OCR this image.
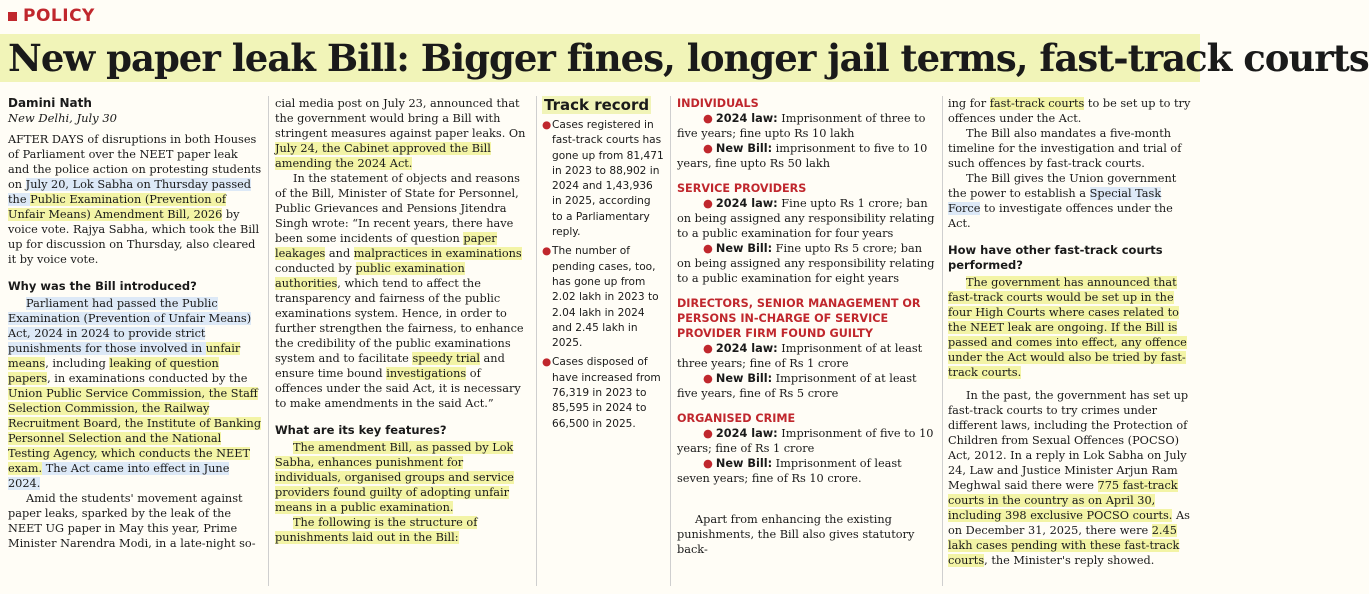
POLICY
New paper leak Bill: Bigger fines, longer jail terms, fast-track courts
Damini Nath
New Delhi, July 30

AFTER DAYS of disruptions in both Houses of Parliament over the NEET paper leak and the police action on protesting students on July 20, Lok Sabha on Thursday passed the Public Examination (Prevention of Unfair Means) Amendment Bill, 2026 by voice vote. Rajya Sabha, which took the Bill up for discussion on Thursday, also cleared it by voice vote.

Why was the Bill introduced?

Parliament had passed the Public Examination (Prevention of Unfair Means) Act, 2024 in 2024 to provide strict punishments for those involved in unfair means, including leaking of question papers, in examinations conducted by the Union Public Service Commission, the Staff Selection Commission, the Railway Recruitment Board, the Institute of Banking Personnel Selection and the National Testing Agency, which conducts the NEET exam. The Act came into effect in June 2024.

Amid the students' movement against paper leaks, sparked by the leak of the NEET UG paper in May this year, Prime Minister Narendra Modi, in a late-night so-

cial media post on July 23, announced that the government would bring a Bill with stringent measures against paper leaks. On July 24, the Cabinet approved the Bill amending the 2024 Act.

In the statement of objects and reasons of the Bill, Minister of State for Personnel, Public Grievances and Pensions Jitendra Singh wrote: “In recent years, there have been some incidents of question paper leakages and malpractices in examinations conducted by public examination authorities, which tend to affect the transparency and fairness of the public examinations system. Hence, in order to further strengthen the fairness, to enhance the credibility of the public examinations system and to facilitate speedy trial and ensure time bound investigations of offences under the said Act, it is necessary to make amendments in the said Act.”

What are its key features?

The amendment Bill, as passed by Lok Sabha, enhances punishment for individuals, organised groups and service providers found guilty of adopting unfair means in a public examination.

The following is the structure of punishments laid out in the Bill:

Track record
● Cases registered in fast-track courts has gone up from 81,471 in 2023 to 88,902 in 2024 and 1,43,936 in 2025, according to a Parliamentary reply.
● The number of pending cases, too, has gone up from 2.02 lakh in 2023 to 2.04 lakh in 2024 and 2.45 lakh in 2025.
● Cases disposed of have increased from 76,319 in 2023 to 85,595 in 2024 to 66,500 in 2025.
INDIVIDUALS

● 2024 law: Imprisonment of three to five years; fine upto Rs 10 lakh

● New Bill: imprisonment to five to 10 years, fine upto Rs 50 lakh

SERVICE PROVIDERS

● 2024 law: Fine upto Rs 1 crore; ban on being assigned any responsibility relating to a public examination for four years

● New Bill: Fine upto Rs 5 crore; ban on being assigned any responsibility relating to a public examination for eight years

DIRECTORS, SENIOR MANAGEMENT OR PERSONS IN-CHARGE OF SERVICE PROVIDER FIRM FOUND GUILTY

● 2024 law: Imprisonment of at least three years; fine of Rs 1 crore

● New Bill: Imprisonment of at least five years, fine of Rs 5 crore

ORGANISED CRIME

● 2024 law: Imprisonment of five to 10 years; fine of Rs 1 crore

● New Bill: Imprisonment of least seven years; fine of Rs 10 crore.

Apart from enhancing the existing punishments, the Bill also gives statutory back-

ing for fast-track courts to be set up to try offences under the Act.

The Bill also mandates a five-month timeline for the investigation and trial of such offences by fast-track courts.

The Bill gives the Union government the power to establish a Special Task Force to investigate offences under the Act.

How have other fast-track courts performed?

The government has announced that fast-track courts would be set up in the four High Courts where cases related to the NEET leak are ongoing. If the Bill is passed and comes into effect, any offence under the Act would also be tried by fast-track courts.

In the past, the government has set up fast-track courts to try crimes under different laws, including the Protection of Children from Sexual Offences (POCSO) Act, 2012. In a reply in Lok Sabha on July 24, Law and Justice Minister Arjun Ram Meghwal said there were 775 fast-track courts in the country as on April 30, including 398 exclusive POCSO courts. As on December 31, 2025, there were 2.45 lakh cases pending with these fast-track courts, the Minister's reply showed.
